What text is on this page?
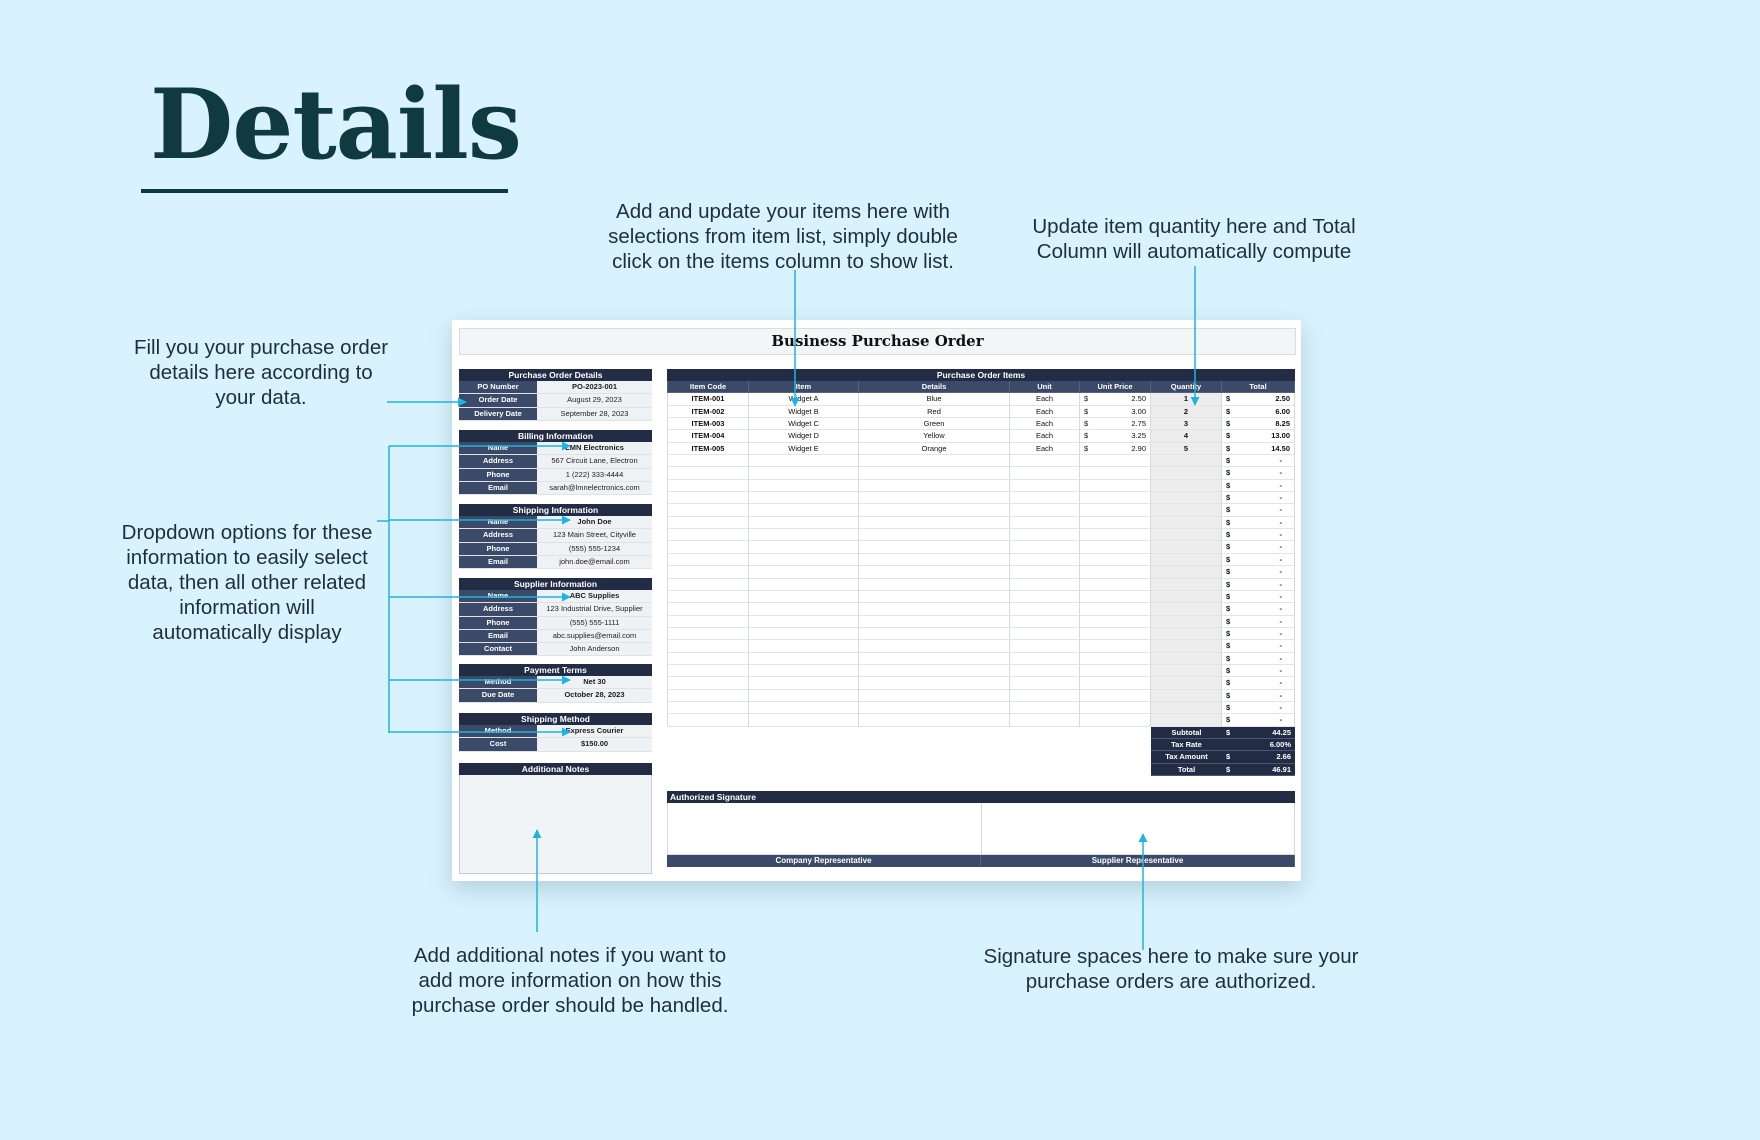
Details
Fill you your purchase order details here according to your data.
Add and update your items here with selections from item list, simply double click on the items column to show list.
Update item quantity here and Total Column will automatically compute
Dropdown options for these information to easily select data, then all other related information will automatically display
Add additional notes if you want to add more information on how this purchase order should be handled.
Signature spaces here to make sure your purchase orders are authorized.
Business Purchase Order
Purchase Order Details
PO Number	PO-2023-001
Order Date	August 29, 2023
Delivery Date	September 28, 2023
Billing Information
Name	LMN Electronics
Address	567 Circuit Lane, Electron
Phone	1 (222) 333-4444
Email	sarah@lmnelectronics.com
Shipping Information
Name	John Doe
Address	123 Main Street, Cityville
Phone	(555) 555-1234
Email	john.doe@email.com
Supplier Information
Name	ABC Supplies
Address	123 Industrial Drive, Supplier
Phone	(555) 555-1111
Email	abc.supplies@email.com
Contact	John Anderson
Payment Terms
Method	Net 30
Due Date	October 28, 2023
Shipping Method
Method	Express Courier
Cost	$150.00
Additional Notes
Purchase Order Items
Item Code	Item	Details	Unit	Unit Price	Quantity	Total
ITEM-001	Widget A	Blue	Each	$	2.50	1	$	2.50
ITEM-002	Widget B	Red	Each	$	3.00	2	$	6.00
ITEM-003	Widget C	Green	Each	$	2.75	3	$	8.25
ITEM-004	Widget D	Yellow	Each	$	3.25	4	$	13.00
ITEM-005	Widget E	Orange	Each	$	2.90	5	$	14.50
$	-
$	-
$	-
$	-
$	-
$	-
$	-
$	-
$	-
$	-
$	-
$	-
$	-
$	-
$	-
$	-
$	-
$	-
$	-
$	-
$	-
$	-
Subtotal	$	44.25
Tax Rate	6.00%
Tax Amount	$	2.66
Total	$	46.91
Authorized Signature
Company Representative	Supplier Representative
